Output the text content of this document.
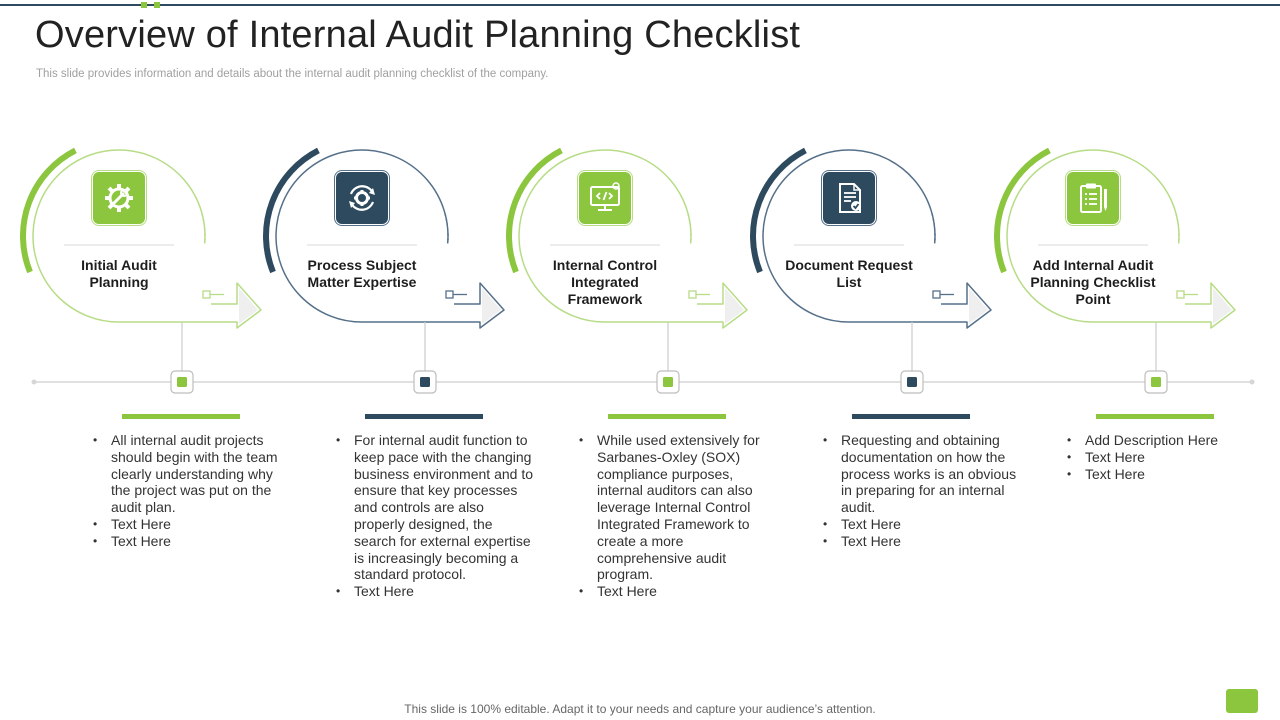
Overview of Internal Audit Planning Checklist
This slide provides information and details about the internal audit planning checklist of the company.
Initial Audit Planning
• All internal audit projects should begin with the team clearly understanding why the project was put on the audit plan.
• Text Here
• Text Here
Process Subject Matter Expertise
• For internal audit function to keep pace with the changing business environment and to ensure that key processes and controls are also properly designed, the search for external expertise is increasingly becoming a standard protocol.
• Text Here
Internal Control Integrated Framework
• While used extensively for Sarbanes-Oxley (SOX) compliance purposes, internal auditors can also leverage Internal Control Integrated Framework to create a more comprehensive audit program.
• Text Here
Document Request List
• Requesting and obtaining documentation on how the process works is an obvious in preparing for an internal audit.
• Text Here
• Text Here
Add Internal Audit Planning Checklist Point
• Add Description Here
• Text Here
• Text Here
This slide is 100% editable. Adapt it to your needs and capture your audience’s attention.
